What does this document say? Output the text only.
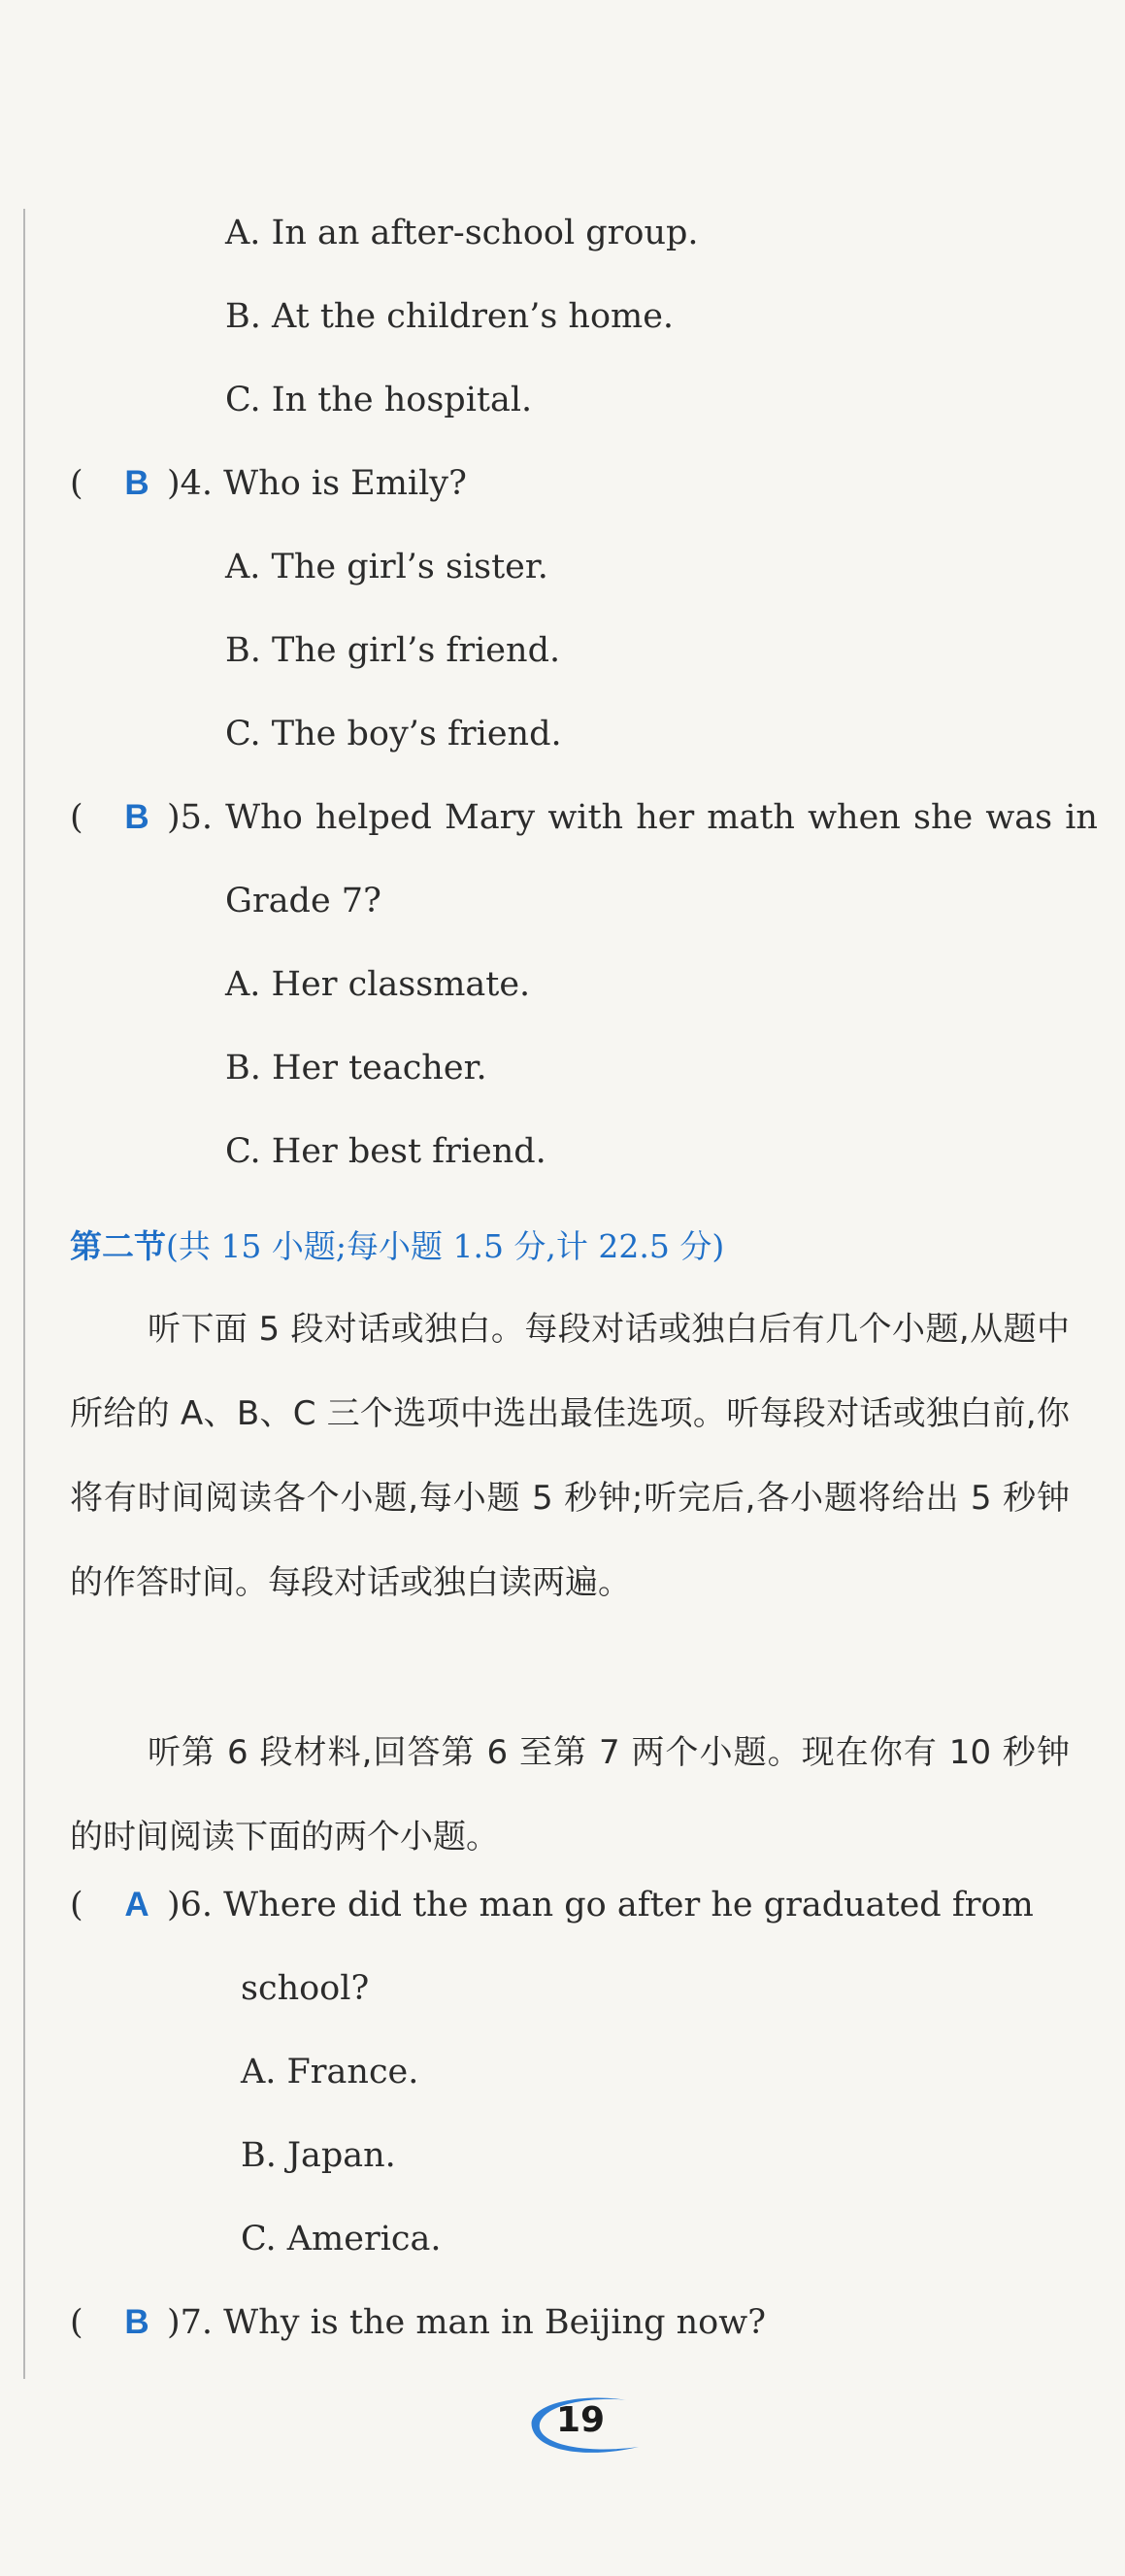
A. In an after-school group.
B. At the children’s home.
C. In the hospital.
( B )4. Who is Emily?
A. The girl’s sister.
B. The girl’s friend.
C. The boy’s friend.
( B )5. Who helped Mary with her math when she was in
Grade 7?
A. Her classmate.
B. Her teacher.
C. Her best friend.
第二节(共 15 小题;每小题 1.5 分,计 22.5 分)
听下面 5 段对话或独白。每段对话或独白后有几个小题,从题中所给的 A、B、C 三个选项中选出最佳选项。听每段对话或独白前,你将有时间阅读各个小题,每小题 5 秒钟;听完后,各小题将给出 5 秒钟的作答时间。每段对话或独白读两遍。
听第 6 段材料,回答第 6 至第 7 两个小题。现在你有 10 秒钟的时间阅读下面的两个小题。
( A )6. Where did the man go after he graduated from
school?
A. France.
B. Japan.
C. America.
( B )7. Why is the man in Beijing now?
19
